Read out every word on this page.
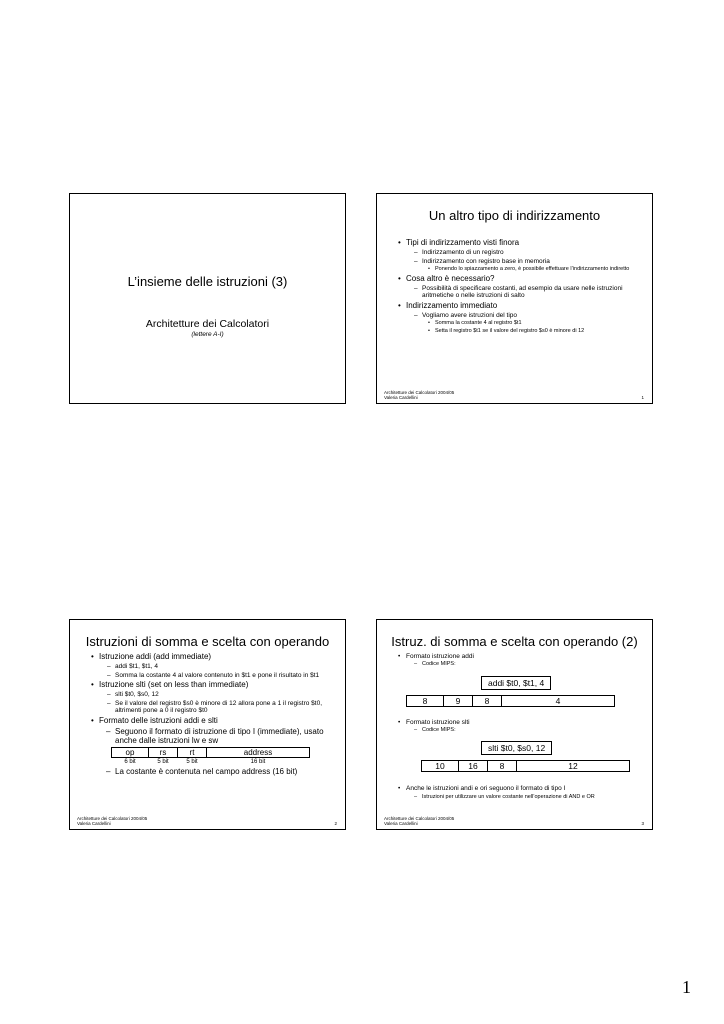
L’insieme delle istruzioni (3)
Architetture dei Calcolatori
(lettere A-I)
Un altro tipo di indirizzamento
• Tipi di indirizzamento visti finora
– Indirizzamento di un registro
– Indirizzamento con registro base in memoria
• Ponendo lo spiazzamento a zero, è possibile effettuare l’indirizzamento indiretto
• Cosa altro è necessario?
– Possibilità di specificare costanti, ad esempio da usare nelle istruzioni aritmetiche o nelle istruzioni di salto
• Indirizzamento immediato
– Vogliamo avere istruzioni del tipo
• Somma la costante 4 al registro $t1
• Setta il registro $t1 se il valore del registro $s0 è minore di 12
Architetture dei Calcolatori 2004/05
Valeria Cardellini	1
Istruzioni di somma e scelta con operando
• Istruzione addi (add immediate)
– addi $t1, $t1, 4
– Somma la costante 4 al valore contenuto in $t1 e pone il risultato in $t1
• Istruzione slti (set on less than immediate)
– slti $t0, $s0, 12
– Se il valore del registro $s0 è minore di 12 allora pone a 1 il registro $t0, altrimenti pone a 0 il registro $t0
• Formato delle istruzioni addi e slti
– Seguono il formato di istruzione di tipo I (immediate), usato anche dalle istruzioni lw e sw
op	rs	rt	address
6 bit	5 bit	5 bit	16 bit
– La costante è contenuta nel campo address (16 bit)
Architetture dei Calcolatori 2004/05
Valeria Cardellini	2
Istruz. di somma e scelta con operando (2)
• Formato istruzione addi
– Codice MIPS:
addi $t0, $t1, 4
8	9	8	4
• Formato istruzione slti
– Codice MIPS:
slti $t0, $s0, 12
10	16	8	12
• Anche le istruzioni andi e ori seguono il formato di tipo I
– Istruzioni per utilizzare un valore costante nell’operazione di AND e OR
Architetture dei Calcolatori 2004/05
Valeria Cardellini	3
1
